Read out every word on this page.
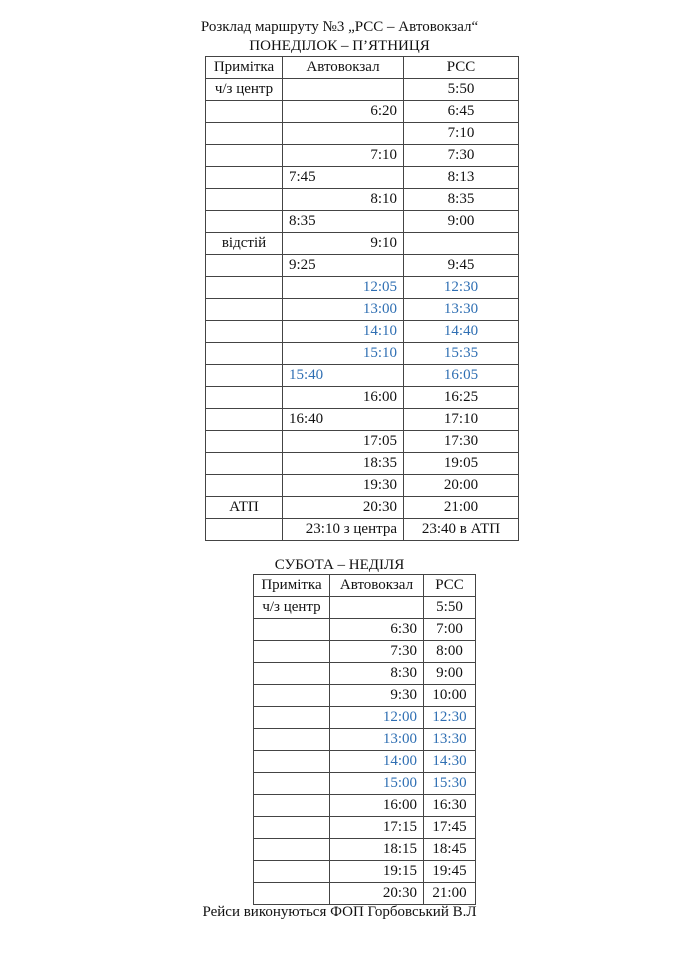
Розклад маршруту №3 „РСС – Автовокзал“
ПОНЕДІЛОК – П’ЯТНИЦЯ
Примітка	Автовокзал	РСС
ч/з центр		5:50
	6:20	6:45
		7:10
	7:10	7:30
	7:45	8:13
	8:10	8:35
	8:35	9:00
відстій	9:10	
	9:25	9:45
	12:05	12:30
	13:00	13:30
	14:10	14:40
	15:10	15:35
	15:40	16:05
	16:00	16:25
	16:40	17:10
	17:05	17:30
	18:35	19:05
	19:30	20:00
АТП	20:30	21:00
	23:10 з центра	23:40 в АТП
СУБОТА – НЕДІЛЯ
Примітка	Автовокзал	РСС
ч/з центр		5:50
	6:30	7:00
	7:30	8:00
	8:30	9:00
	9:30	10:00
	12:00	12:30
	13:00	13:30
	14:00	14:30
	15:00	15:30
	16:00	16:30
	17:15	17:45
	18:15	18:45
	19:15	19:45
	20:30	21:00
Рейси виконуються ФОП Горбовський В.Л
